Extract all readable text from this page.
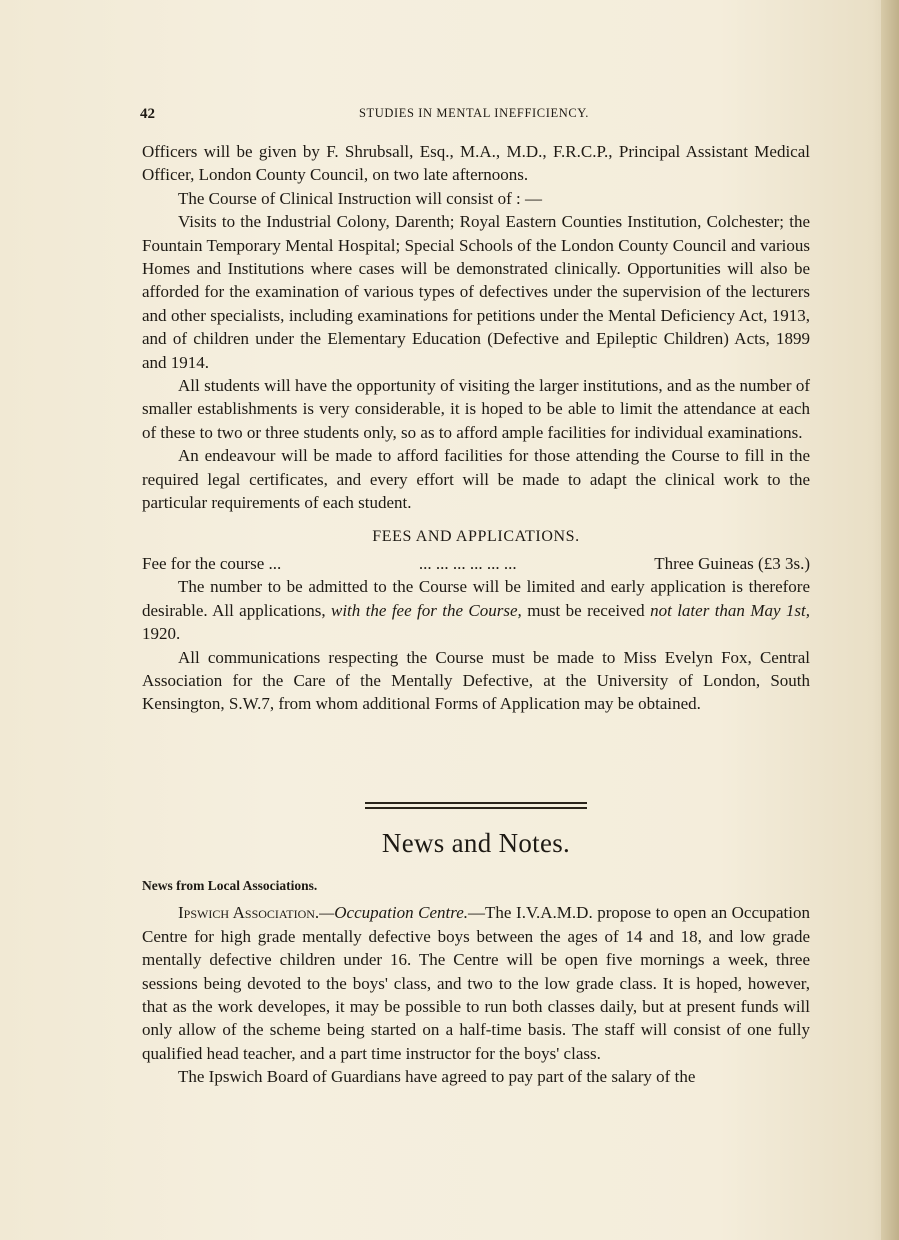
42	STUDIES IN MENTAL INEFFICIENCY.

Officers will be given by F. Shrubsall, Esq., M.A., M.D., F.R.C.P., Principal Assistant Medical Officer, London County Council, on two late afternoons.

The Course of Clinical Instruction will consist of : —

Visits to the Industrial Colony, Darenth; Royal Eastern Counties Institution, Colchester; the Fountain Temporary Mental Hospital; Special Schools of the London County Council and various Homes and Institutions where cases will be demonstrated clinically. Opportunities will also be afforded for the examination of various types of defectives under the supervision of the lecturers and other specialists, including examinations for petitions under the Mental Deficiency Act, 1913, and of children under the Elementary Education (Defective and Epileptic Children) Acts, 1899 and 1914.

All students will have the opportunity of visiting the larger institutions, and as the number of smaller establishments is very considerable, it is hoped to be able to limit the attendance at each of these to two or three students only, so as to afford ample facilities for individual examinations.

An endeavour will be made to afford facilities for those attending the Course to fill in the required legal certificates, and every effort will be made to adapt the clinical work to the particular requirements of each student.

FEES AND APPLICATIONS.
Fee for the course ...	... ... ... ... ... ...	Three Guineas (£3 3s.)

The number to be admitted to the Course will be limited and early application is therefore desirable. All applications, with the fee for the Course, must be received not later than May 1st, 1920.

All communications respecting the Course must be made to Miss Evelyn Fox, Central Association for the Care of the Mentally Defective, at the University of London, South Kensington, S.W.7, from whom additional Forms of Application may be obtained.

News and Notes.

News from Local Associations.

Ipswich Association.—Occupation Centre.—The I.V.A.M.D. propose to open an Occupation Centre for high grade mentally defective boys between the ages of 14 and 18, and low grade mentally defective children under 16. The Centre will be open five mornings a week, three sessions being devoted to the boys' class, and two to the low grade class. It is hoped, however, that as the work developes, it may be possible to run both classes daily, but at present funds will only allow of the scheme being started on a half-time basis. The staff will consist of one fully qualified head teacher, and a part time instructor for the boys' class.

The Ipswich Board of Guardians have agreed to pay part of the salary of the
